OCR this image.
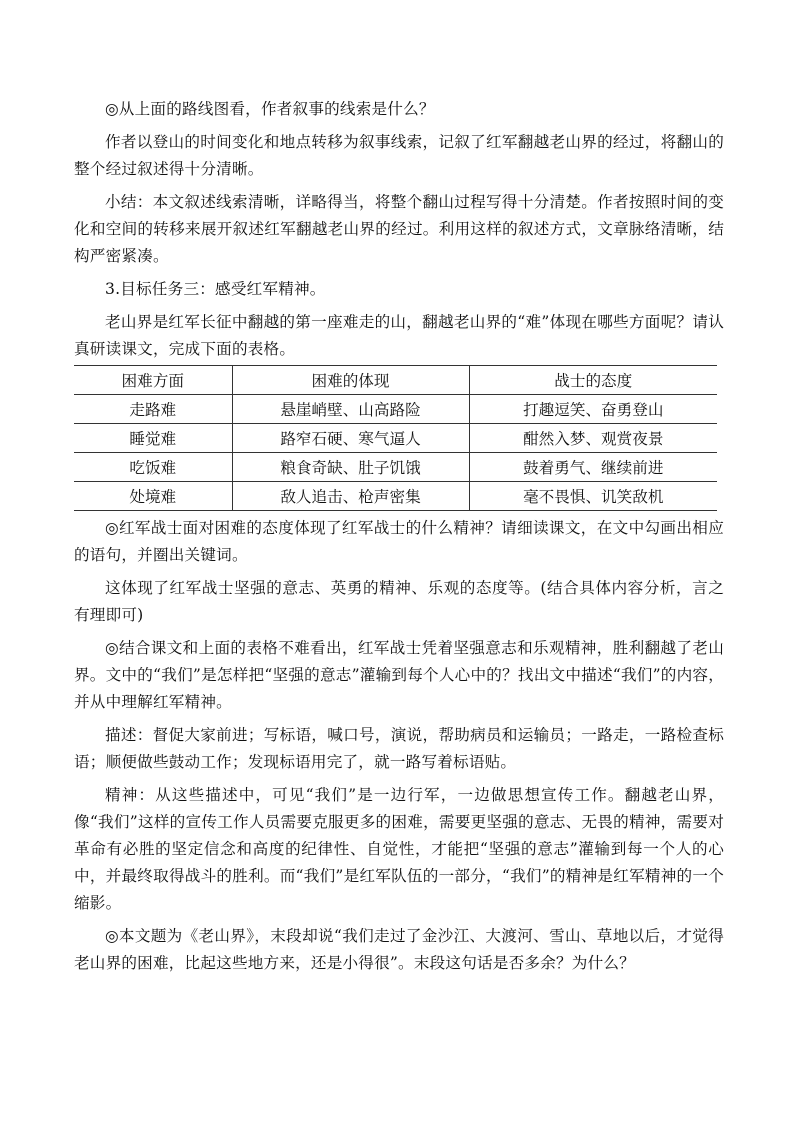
◎从上面的路线图看，作者叙事的线索是什么？

作者以登山的时间变化和地点转移为叙事线索，记叙了红军翻越老山界的经过，将翻山的整个经过叙述得十分清晰。

小结：本文叙述线索清晰，详略得当，将整个翻山过程写得十分清楚。作者按照时间的变化和空间的转移来展开叙述红军翻越老山界的经过。利用这样的叙述方式，文章脉络清晰，结构严密紧凑。

3.目标任务三：感受红军精神。

老山界是红军长征中翻越的第一座难走的山，翻越老山界的“难”体现在哪些方面呢？请认真研读课文，完成下面的表格。

困难方面	困难的体现	战士的态度
走路难	悬崖峭壁、山高路险	打趣逗笑、奋勇登山
睡觉难	路窄石硬、寒气逼人	酣然入梦、观赏夜景
吃饭难	粮食奇缺、肚子饥饿	鼓着勇气、继续前进
处境难	敌人追击、枪声密集	毫不畏惧、讥笑敌机

◎红军战士面对困难的态度体现了红军战士的什么精神？请细读课文，在文中勾画出相应的语句，并圈出关键词。

这体现了红军战士坚强的意志、英勇的精神、乐观的态度等。(结合具体内容分析，言之有理即可)

◎结合课文和上面的表格不难看出，红军战士凭着坚强意志和乐观精神，胜利翻越了老山界。文中的“我们”是怎样把“坚强的意志”灌输到每个人心中的？找出文中描述“我们”的内容，并从中理解红军精神。

描述：督促大家前进；写标语，喊口号，演说，帮助病员和运输员；一路走，一路检查标语；顺便做些鼓动工作；发现标语用完了，就一路写着标语贴。

精神：从这些描述中，可见“我们”是一边行军，一边做思想宣传工作。翻越老山界，像“我们”这样的宣传工作人员需要克服更多的困难，需要更坚强的意志、无畏的精神，需要对革命有必胜的坚定信念和高度的纪律性、自觉性，才能把“坚强的意志”灌输到每一个人的心中，并最终取得战斗的胜利。而“我们”是红军队伍的一部分，“我们”的精神是红军精神的一个缩影。

◎本文题为《老山界》，末段却说“我们走过了金沙江、大渡河、雪山、草地以后，才觉得老山界的困难，比起这些地方来，还是小得很”。末段这句话是否多余？为什么？
